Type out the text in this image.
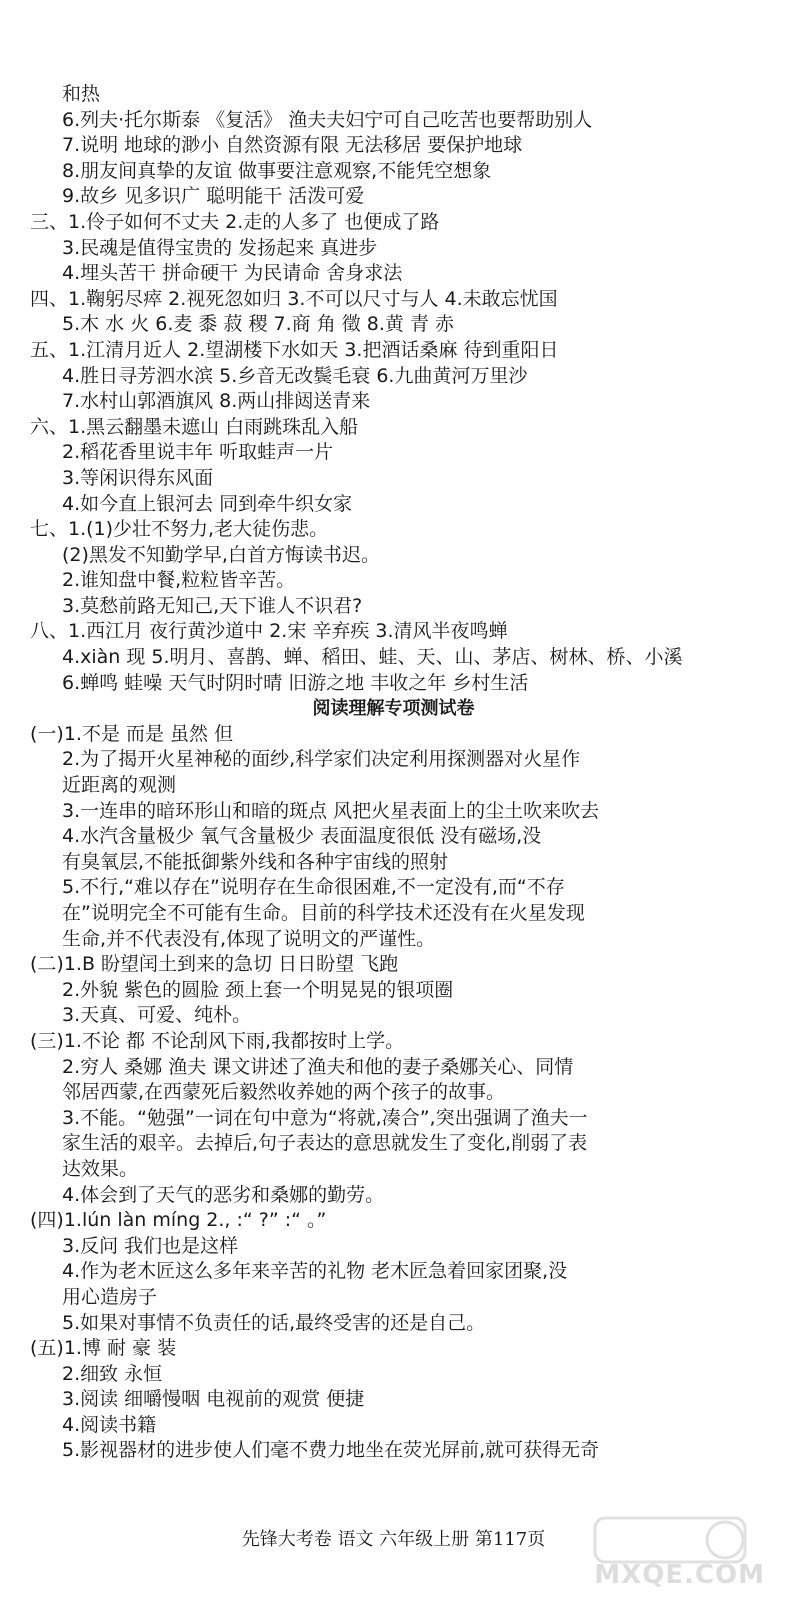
和热
6.列夫·托尔斯泰 《复活》 渔夫夫妇宁可自己吃苦也要帮助别人
7.说明 地球的渺小 自然资源有限 无法移居 要保护地球
8.朋友间真挚的友谊 做事要注意观察,不能凭空想象
9.故乡 见多识广 聪明能干 活泼可爱
三、1.伶子如何不丈夫 2.走的人多了 也便成了路
3.民魂是值得宝贵的 发扬起来 真进步
4.埋头苦干 拼命硬干 为民请命 舍身求法
四、1.鞠躬尽瘁 2.视死忽如归 3.不可以尺寸与人 4.未敢忘忧国
5.木 水 火 6.麦 黍 菽 稷 7.商 角 徵 8.黄 青 赤
五、1.江清月近人 2.望湖楼下水如天 3.把酒话桑麻 待到重阳日
4.胜日寻芳泗水滨 5.乡音无改鬓毛衰 6.九曲黄河万里沙
7.水村山郭酒旗风 8.两山排闼送青来
六、1.黑云翻墨未遮山 白雨跳珠乱入船
2.稻花香里说丰年 听取蛙声一片
3.等闲识得东风面
4.如今直上银河去 同到牵牛织女家
七、1.(1)少壮不努力,老大徒伤悲。
(2)黑发不知勤学早,白首方悔读书迟。
2.谁知盘中餐,粒粒皆辛苦。
3.莫愁前路无知己,天下谁人不识君?
八、1.西江月 夜行黄沙道中 2.宋 辛弃疾 3.清风半夜鸣蝉
4.xiàn 现 5.明月、喜鹊、蝉、稻田、蛙、天、山、茅店、树林、桥、小溪
6.蝉鸣 蛙噪 天气时阴时晴 旧游之地 丰收之年 乡村生活
阅读理解专项测试卷
(一)1.不是 而是 虽然 但
2.为了揭开火星神秘的面纱,科学家们决定利用探测器对火星作
近距离的观测
3.一连串的暗环形山和暗的斑点 风把火星表面上的尘土吹来吹去
4.水汽含量极少 氧气含量极少 表面温度很低 没有磁场,没
有臭氧层,不能抵御紫外线和各种宇宙线的照射
5.不行,“难以存在”说明存在生命很困难,不一定没有,而“不存
在”说明完全不可能有生命。目前的科学技术还没有在火星发现
生命,并不代表没有,体现了说明文的严谨性。
(二)1.B 盼望闰土到来的急切 日日盼望 飞跑
2.外貌 紫色的圆脸 颈上套一个明晃晃的银项圈
3.天真、可爱、纯朴。
(三)1.不论 都 不论刮风下雨,我都按时上学。
2.穷人 桑娜 渔夫 课文讲述了渔夫和他的妻子桑娜关心、同情
邻居西蒙,在西蒙死后毅然收养她的两个孩子的故事。
3.不能。“勉强”一词在句中意为“将就,凑合”,突出强调了渔夫一
家生活的艰辛。去掉后,句子表达的意思就发生了变化,削弱了表
达效果。
4.体会到了天气的恶劣和桑娜的勤劳。
(四)1.lún làn míng 2., :“ ?” :“ 。”
3.反问 我们也是这样
4.作为老木匠这么多年来辛苦的礼物 老木匠急着回家团聚,没
用心造房子
5.如果对事情不负责任的话,最终受害的还是自己。
(五)1.博 耐 豪 装
2.细致 永恒
3.阅读 细嚼慢咽 电视前的观赏 便捷
4.阅读书籍
5.影视器材的进步使人们毫不费力地坐在荧光屏前,就可获得无奇
先锋大考卷 语文 六年级上册 第117页
MXQE.COM
